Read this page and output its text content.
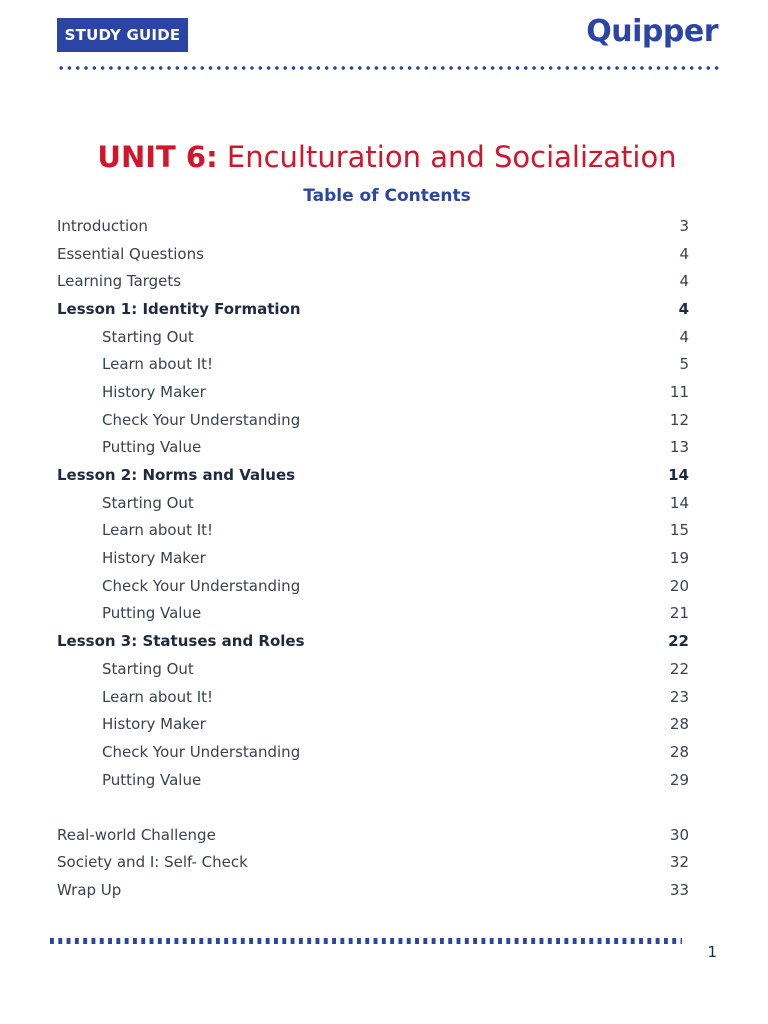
STUDY GUIDE	Quipper
UNIT 6: Enculturation and Socialization
Table of Contents
Introduction	3
Essential Questions	4
Learning Targets	4
Lesson 1: Identity Formation	4
Starting Out	4
Learn about It!	5
History Maker	11
Check Your Understanding	12
Putting Value	13
Lesson 2: Norms and Values	14
Starting Out	14
Learn about It!	15
History Maker	19
Check Your Understanding	20
Putting Value	21
Lesson 3: Statuses and Roles	22
Starting Out	22
Learn about It!	23
History Maker	28
Check Your Understanding	28
Putting Value	29
Real-world Challenge	30
Society and I: Self- Check	32
Wrap Up	33
1
